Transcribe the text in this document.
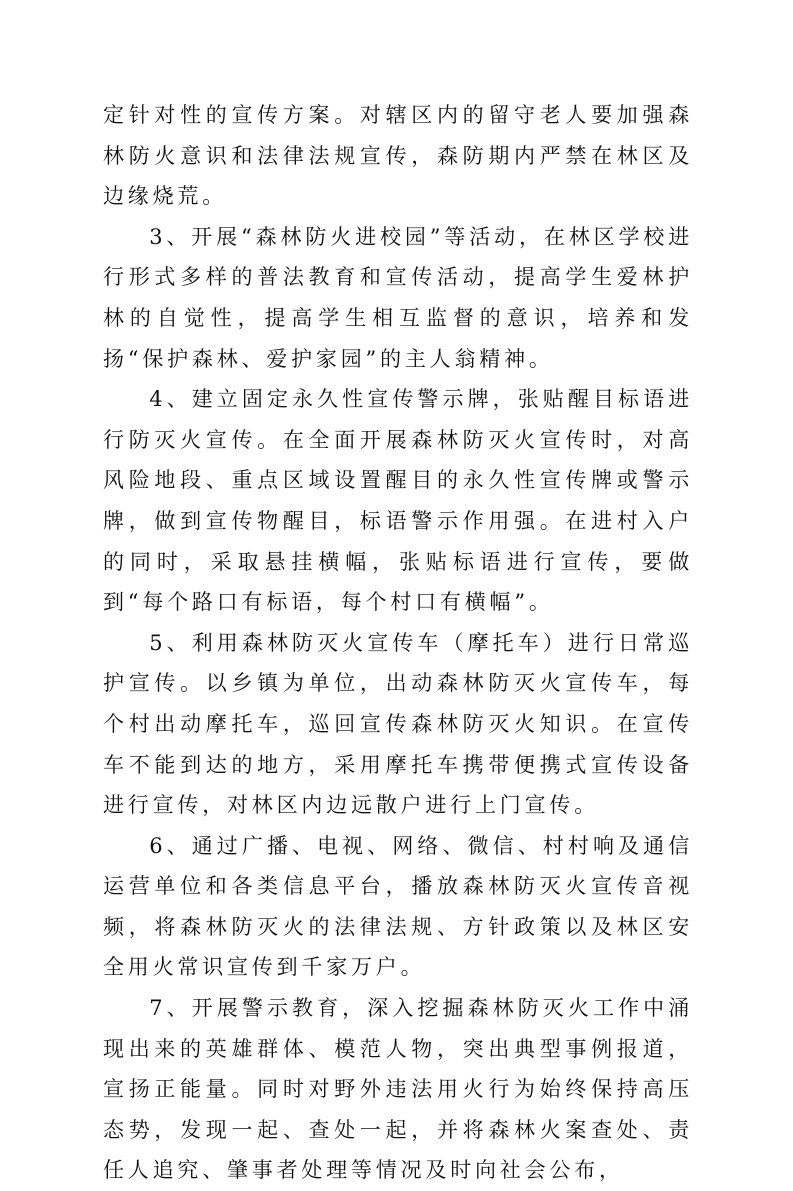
定针对性的宣传方案。对辖区内的留守老人要加强森林防火意识和法律法规宣传，森防期内严禁在林区及边缘烧荒。

3、开展“森林防火进校园”等活动，在林区学校进行形式多样的普法教育和宣传活动，提高学生爱林护林的自觉性，提高学生相互监督的意识，培养和发扬“保护森林、爱护家园”的主人翁精神。

4、建立固定永久性宣传警示牌，张贴醒目标语进行防灭火宣传。在全面开展森林防灭火宣传时，对高风险地段、重点区域设置醒目的永久性宣传牌或警示牌，做到宣传物醒目，标语警示作用强。在进村入户的同时，采取悬挂横幅，张贴标语进行宣传，要做到“每个路口有标语，每个村口有横幅”。

5、利用森林防灭火宣传车（摩托车）进行日常巡护宣传。以乡镇为单位，出动森林防灭火宣传车，每个村出动摩托车，巡回宣传森林防灭火知识。在宣传车不能到达的地方，采用摩托车携带便携式宣传设备进行宣传，对林区内边远散户进行上门宣传。

6、通过广播、电视、网络、微信、村村响及通信运营单位和各类信息平台，播放森林防灭火宣传音视频，将森林防灭火的法律法规、方针政策以及林区安全用火常识宣传到千家万户。

7、开展警示教育，深入挖掘森林防灭火工作中涌现出来的英雄群体、模范人物，突出典型事例报道，宣扬正能量。同时对野外违法用火行为始终保持高压态势，发现一起、查处一起，并将森林火案查处、责任人追究、肇事者处理等情况及时向社会公布，
